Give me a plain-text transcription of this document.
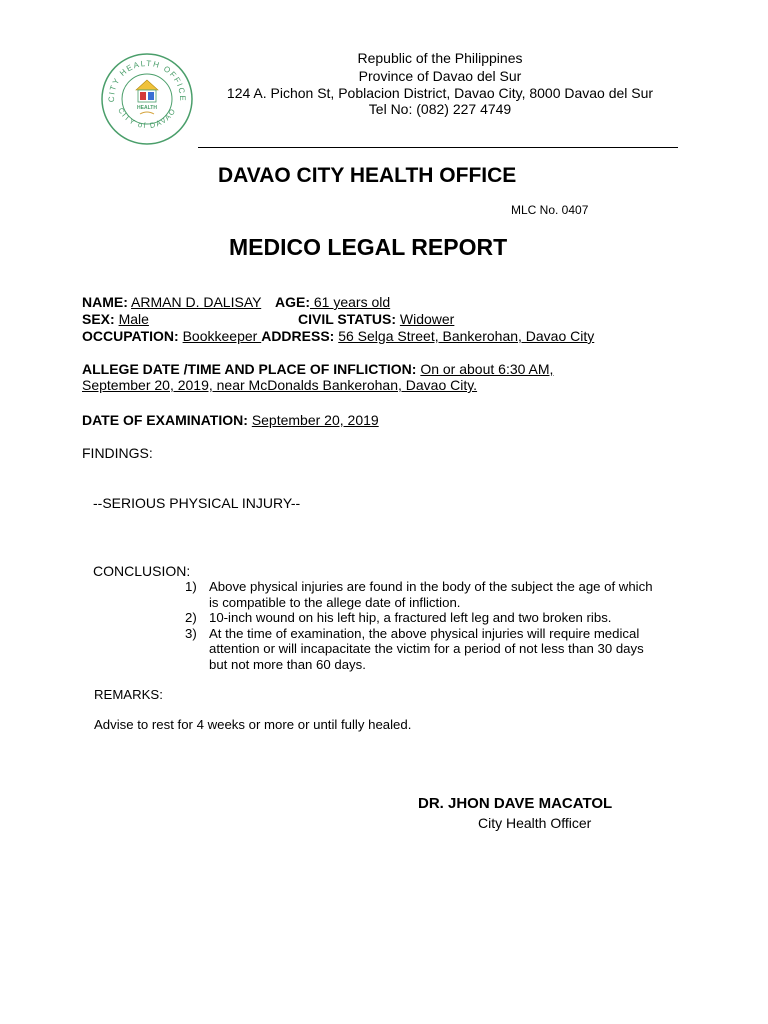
CITY HEALTH OFFICE
CITY of DAVAO
HEALTH
Republic of the Philippines
Province of Davao del Sur
124 A. Pichon St, Poblacion District, Davao City, 8000 Davao del Sur
Tel No: (082) 227 4749
DAVAO CITY HEALTH OFFICE
MLC No. 0407
MEDICO LEGAL REPORT
NAME: ARMAN D. DALISAY AGE: 61 years old
SEX: Male	CIVIL STATUS: Widower
OCCUPATION: Bookkeeper ADDRESS: 56 Selga Street, Bankerohan, Davao City
ALLEGE DATE /TIME AND PLACE OF INFLICTION: On or about 6:30 AM,
September 20, 2019, near McDonalds Bankerohan, Davao City.
DATE OF EXAMINATION: September 20, 2019
FINDINGS:
--SERIOUS PHYSICAL INJURY--
CONCLUSION:
1) Above physical injuries are found in the body of the subject the age of which
is compatible to the allege date of infliction.
2) 10-inch wound on his left hip, a fractured left leg and two broken ribs.
3) At the time of examination, the above physical injuries will require medical
attention or will incapacitate the victim for a period of not less than 30 days
but not more than 60 days.
REMARKS:
Advise to rest for 4 weeks or more or until fully healed.
DR. JHON DAVE MACATOL
City Health Officer
